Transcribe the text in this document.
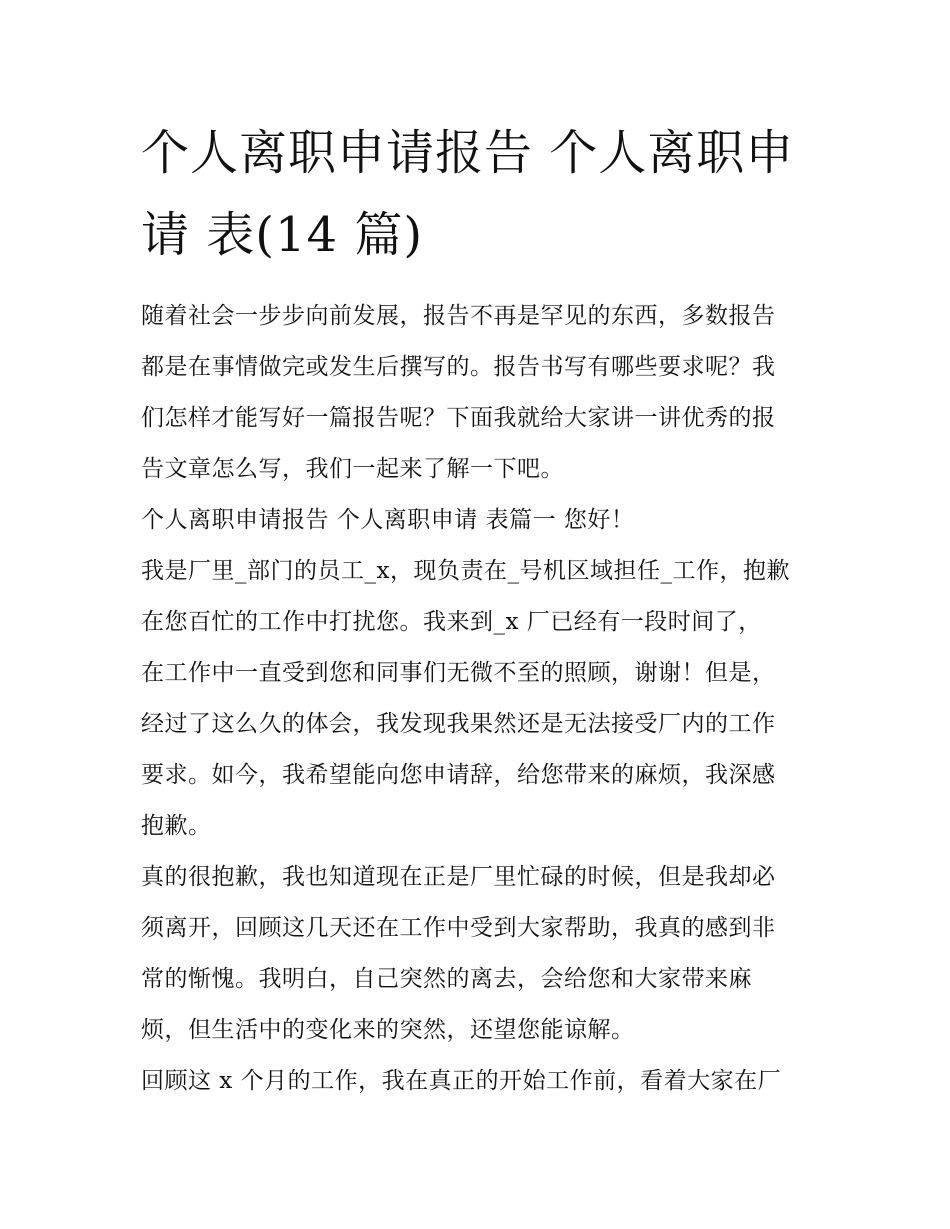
个人离职申请报告 个人离职申
请 表(14 篇)

随着社会一步步向前发展，报告不再是罕见的东西，多数报告

都是在事情做完或发生后撰写的。报告书写有哪些要求呢？我

们怎样才能写好一篇报告呢？下面我就给大家讲一讲优秀的报

告文章怎么写，我们一起来了解一下吧。

个人离职申请报告 个人离职申请 表篇一 您好！

我是厂里_部门的员工_x，现负责在_号机区域担任_工作，抱歉

在您百忙的工作中打扰您。我来到_x 厂已经有一段时间了，

在工作中一直受到您和同事们无微不至的照顾，谢谢！但是，

经过了这么久的体会，我发现我果然还是无法接受厂内的工作

要求。如今，我希望能向您申请辞，给您带来的麻烦，我深感

抱歉。

真的很抱歉，我也知道现在正是厂里忙碌的时候，但是我却必

须离开，回顾这几天还在工作中受到大家帮助，我真的感到非

常的惭愧。我明白，自己突然的离去，会给您和大家带来麻

烦，但生活中的变化来的突然，还望您能谅解。

回顾这 x 个月的工作，我在真正的开始工作前，看着大家在厂
